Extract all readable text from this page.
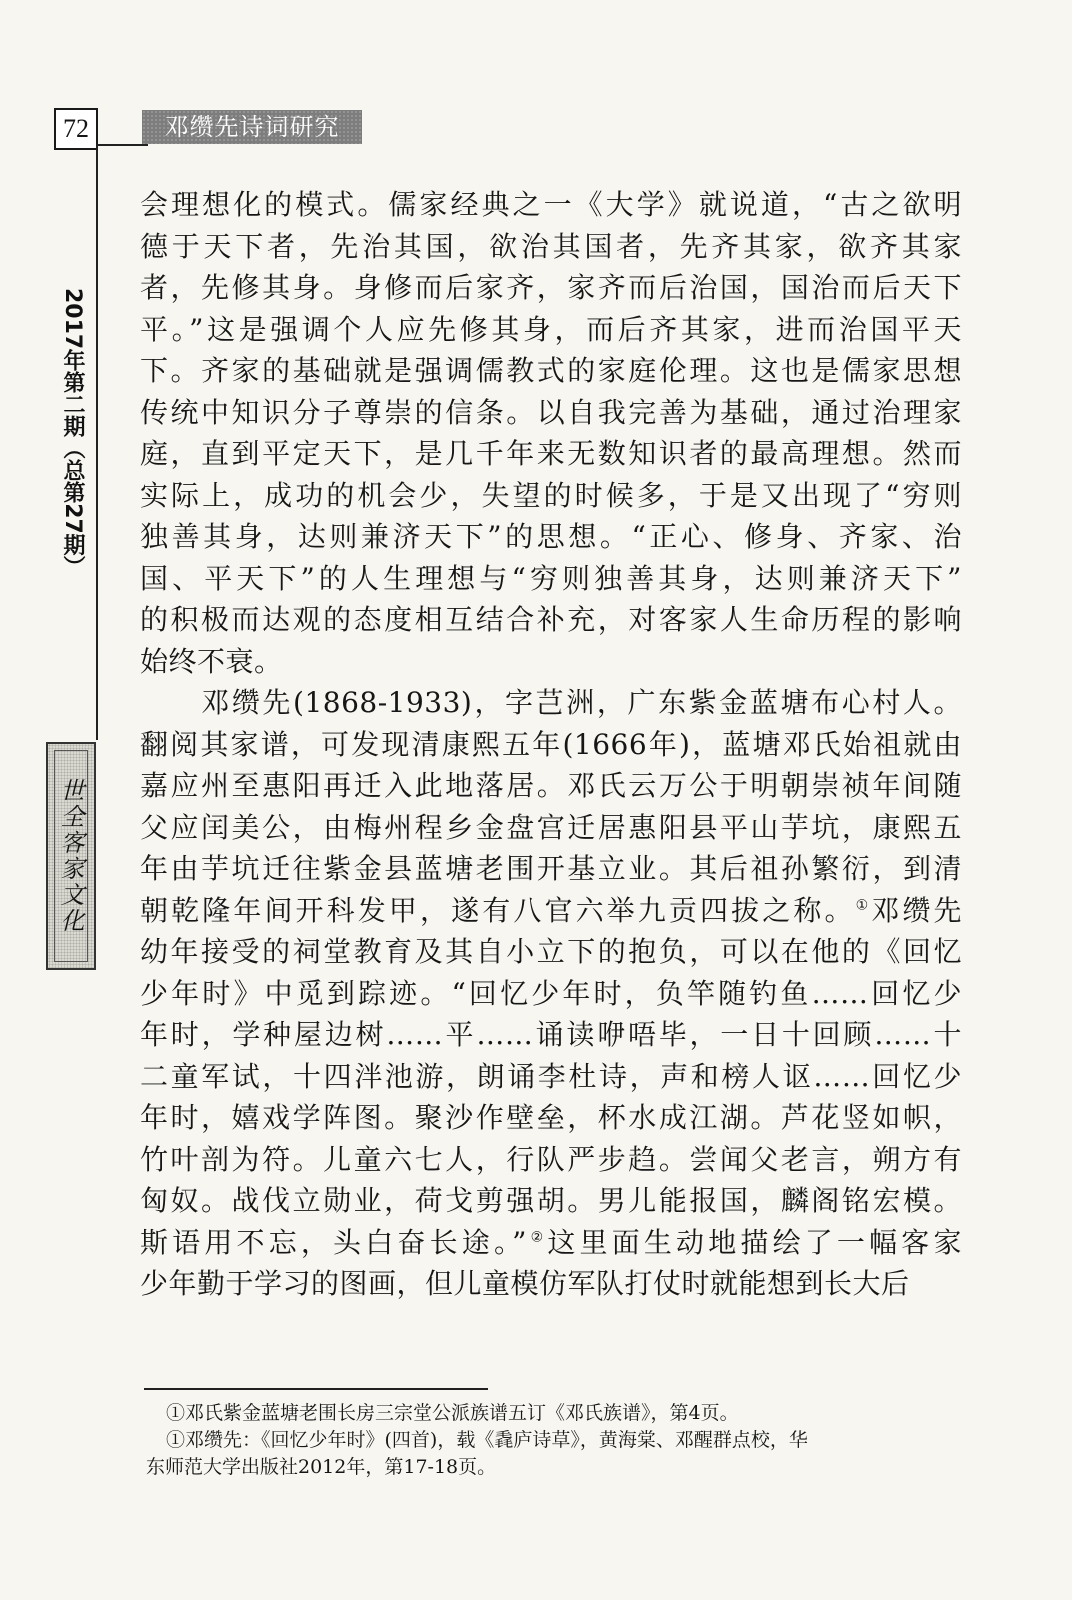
72	邓缵先诗词研究
2017年第二期（总第27期）
世全客家文化
会理想化的模式。儒家经典之一《大学》就说道，“古之欲明
德于天下者，先治其国，欲治其国者，先齐其家，欲齐其家
者，先修其身。身修而后家齐，家齐而后治国，国治而后天下
平。”这是强调个人应先修其身，而后齐其家，进而治国平天
下。齐家的基础就是强调儒教式的家庭伦理。这也是儒家思想
传统中知识分子尊崇的信条。以自我完善为基础，通过治理家
庭，直到平定天下，是几千年来无数知识者的最高理想。然而
实际上，成功的机会少，失望的时候多，于是又出现了“穷则
独善其身，达则兼济天下”的思想。“正心、修身、齐家、治
国、平天下”的人生理想与“穷则独善其身，达则兼济天下”
的积极而达观的态度相互结合补充，对客家人生命历程的影响
始终不衰。
　　邓缵先(1868-1933)，字芑洲，广东紫金蓝塘布心村人。
翻阅其家谱，可发现清康熙五年(1666年)，蓝塘邓氏始祖就由
嘉应州至惠阳再迁入此地落居。邓氏云万公于明朝崇祯年间随
父应闰美公，由梅州程乡金盘宫迁居惠阳县平山芋坑，康熙五
年由芋坑迁往紫金县蓝塘老围开基立业。其后祖孙繁衍，到清
朝乾隆年间开科发甲，遂有八官六举九贡四拔之称。①邓缵先
幼年接受的祠堂教育及其自小立下的抱负，可以在他的《回忆
少年时》中觅到踪迹。“回忆少年时，负竿随钓鱼……回忆少
年时，学种屋边树……平……诵读咿唔毕，一日十回顾……十
二童军试，十四泮池游，朗诵李杜诗，声和榜人讴……回忆少
年时，嬉戏学阵图。聚沙作壁垒，杯水成江湖。芦花竖如帜，
竹叶剖为符。儿童六七人，行队严步趋。尝闻父老言，朔方有
匈奴。战伐立勋业，荷戈剪强胡。男儿能报国，麟阁铭宏模。
斯语用不忘，头白奋长途。”②这里面生动地描绘了一幅客家
少年勤于学习的图画，但儿童模仿军队打仗时就能想到长大后
①邓氏紫金蓝塘老围长房三宗堂公派族谱五订《邓氏族谱》，第4页。
①邓缵先：《回忆少年时》(四首)，载《毳庐诗草》，黄海棠、邓醒群点校，华
东师范大学出版社2012年，第17-18页。
